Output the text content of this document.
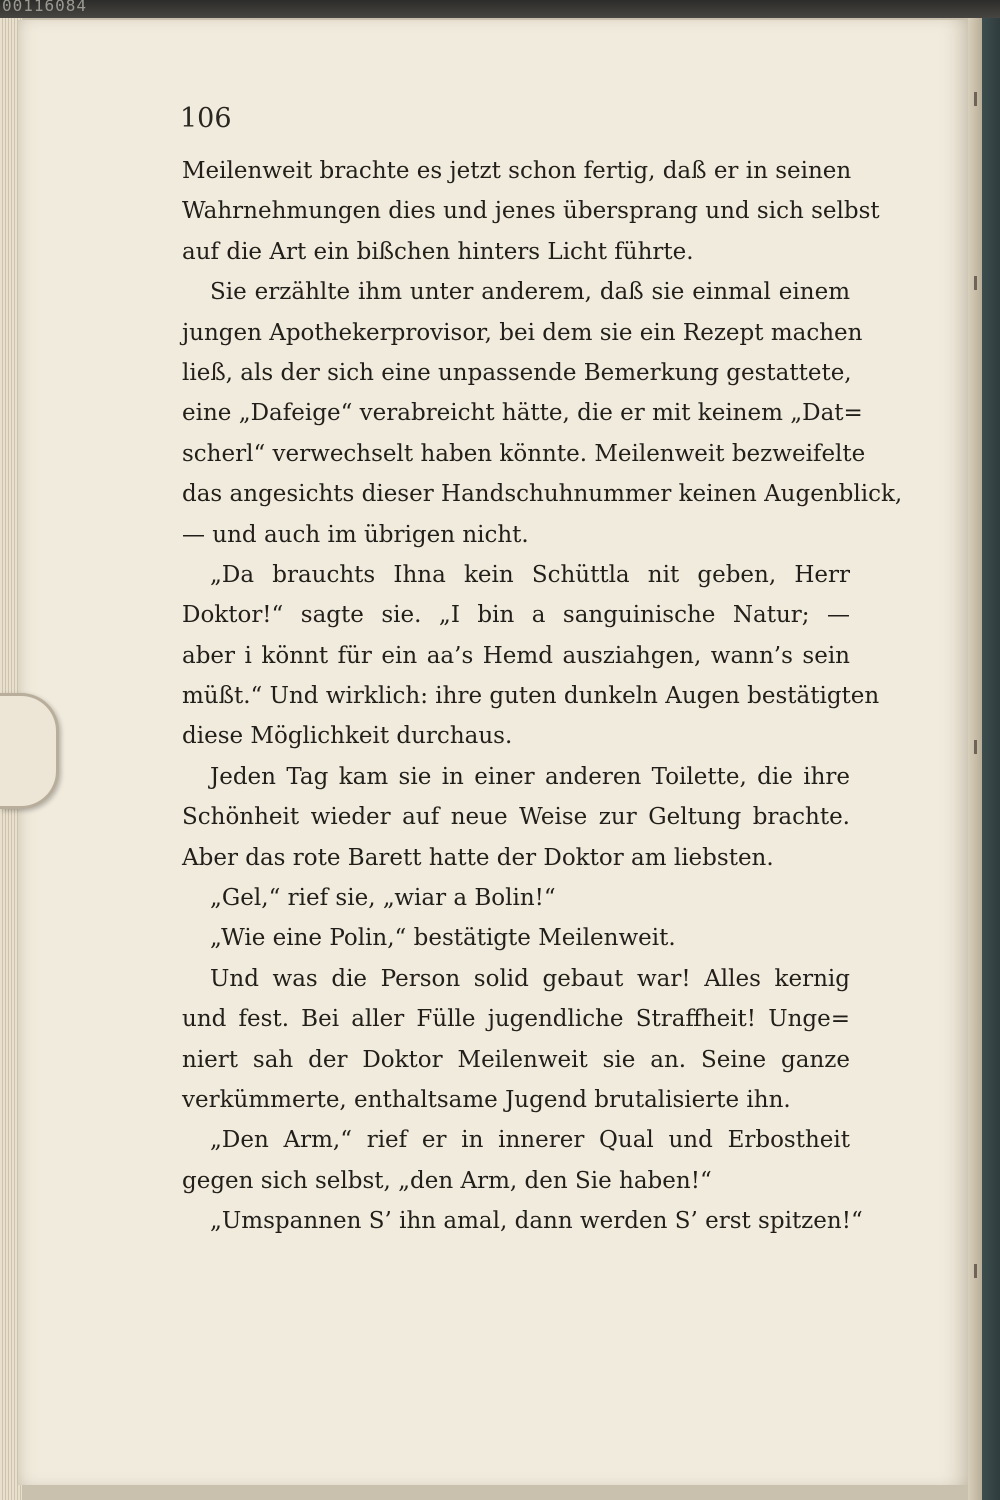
00116084
106
Meilenweit brachte es jetzt schon fertig, daß er in seinen
Wahrnehmungen dies und jenes übersprang und sich selbst
auf die Art ein bißchen hinters Licht führte.
Sie erzählte ihm unter anderem, daß sie einmal einem
jungen Apothekerprovisor, bei dem sie ein Rezept machen
ließ, als der sich eine unpassende Bemerkung gestattete,
eine „Dafeige“ verabreicht hätte, die er mit keinem „Dat=
scherl“ verwechselt haben könnte. Meilenweit bezweifelte
das angesichts dieser Handschuhnummer keinen Augenblick,
— und auch im übrigen nicht.
„Da brauchts Ihna kein Schüttla nit geben, Herr
Doktor!“ sagte sie. „I bin a sanguinische Natur; —
aber i könnt für ein aa’s Hemd ausziahgen, wann’s sein
müßt.“ Und wirklich: ihre guten dunkeln Augen bestätigten
diese Möglichkeit durchaus.
Jeden Tag kam sie in einer anderen Toilette, die ihre
Schönheit wieder auf neue Weise zur Geltung brachte.
Aber das rote Barett hatte der Doktor am liebsten.
„Gel,“ rief sie, „wiar a Bolin!“
„Wie eine Polin,“ bestätigte Meilenweit.
Und was die Person solid gebaut war! Alles kernig
und fest. Bei aller Fülle jugendliche Straffheit! Unge=
niert sah der Doktor Meilenweit sie an. Seine ganze
verkümmerte, enthaltsame Jugend brutalisierte ihn.
„Den Arm,“ rief er in innerer Qual und Erbostheit
gegen sich selbst, „den Arm, den Sie haben!“
„Umspannen S’ ihn amal, dann werden S’ erst spitzen!“
